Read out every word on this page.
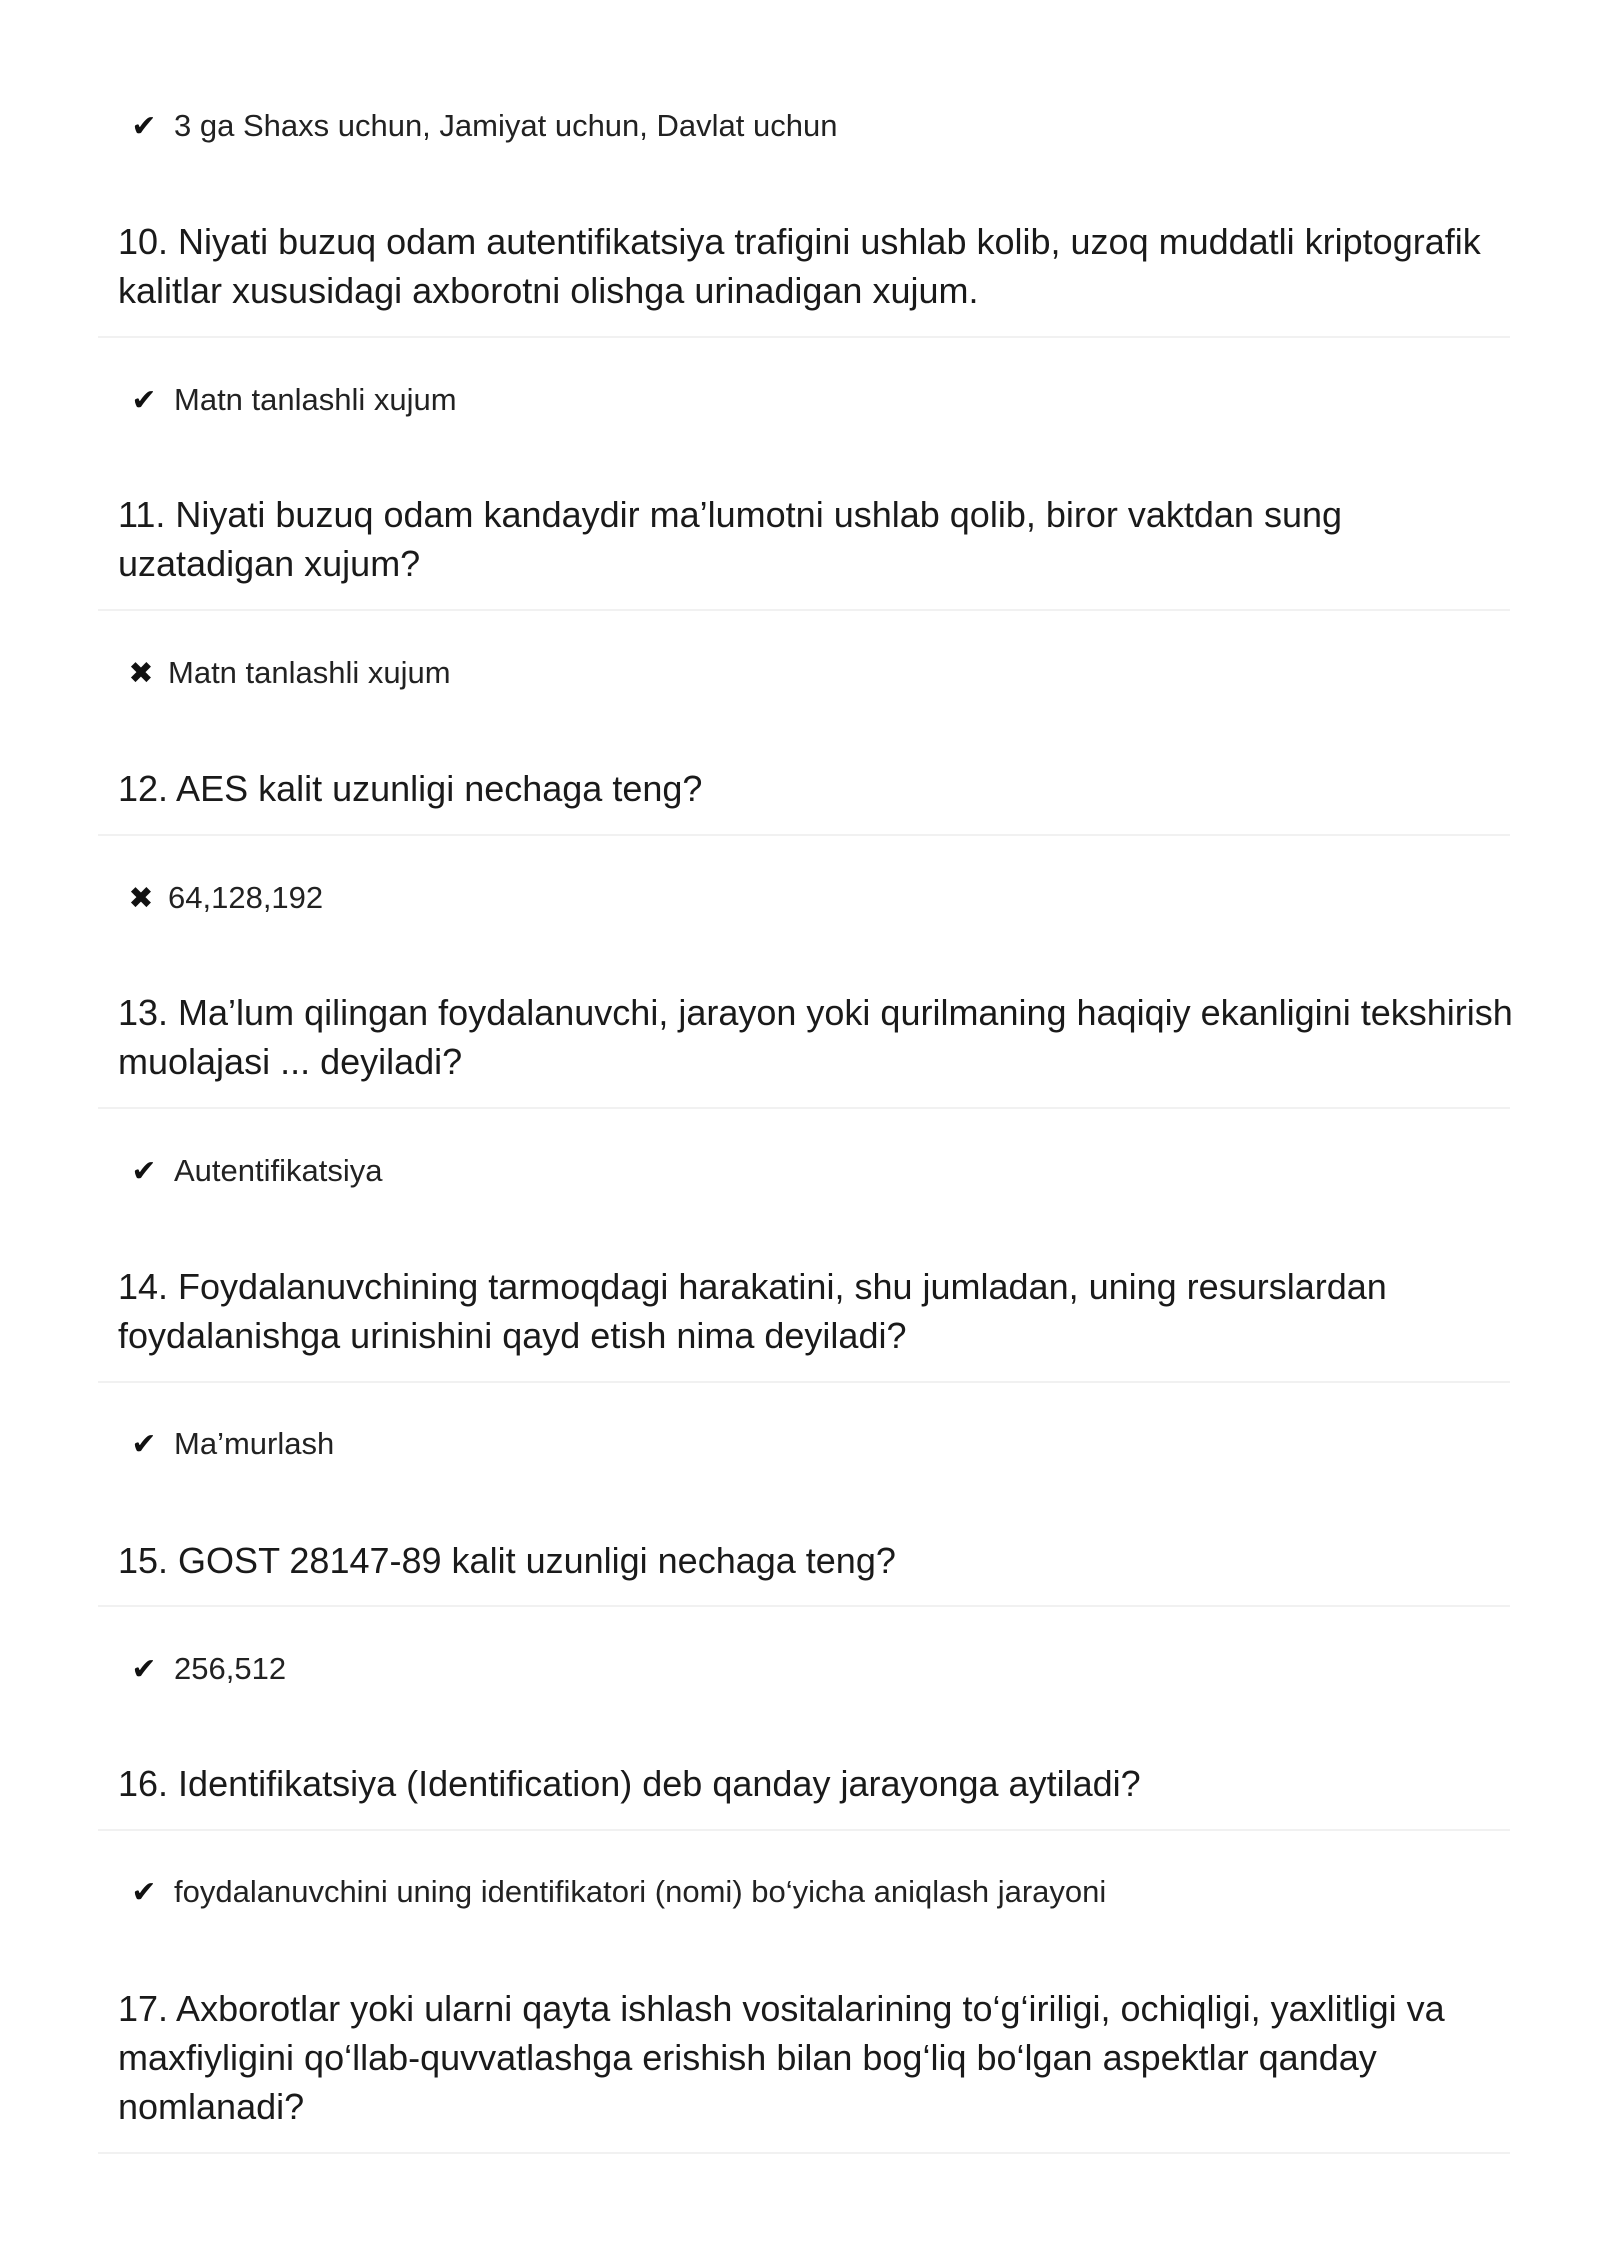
✔ 3 ga Shaxs uchun, Jamiyat uchun, Davlat uchun
10. Niyati buzuq odam autentifikatsiya trafigini ushlab kolib, uzoq muddatli kriptografik kalitlar xususidagi axborotni olishga urinadigan xujum.
✔ Matn tanlashli xujum
11. Niyati buzuq odam kandaydir ma’lumotni ushlab qolib, biror vaktdan sung uzatadigan xujum?
✖ Matn tanlashli xujum
12. AES kalit uzunligi nechaga teng?
✖ 64,128,192
13. Ma’lum qilingan foydalanuvchi, jarayon yoki qurilmaning haqiqiy ekanligini tekshirish muolajasi ... deyiladi?
✔ Autentifikatsiya
14. Foydalanuvchining tarmoqdagi harakatini, shu jumladan, uning resurslardan foydalanishga urinishini qayd etish nima deyiladi?
✔ Ma’murlash
15. GOST 28147-89 kalit uzunligi nechaga teng?
✔ 256,512
16. Identifikatsiya (Identification) deb qanday jarayonga aytiladi?
✔ foydalanuvchini uning identifikatori (nomi) bo‘yicha aniqlash jarayoni
17. Axborotlar yoki ularni qayta ishlash vositalarining to‘g‘iriligi, ochiqligi, yaxlitligi va maxfiyligini qo‘llab-quvvatlashga erishish bilan bog‘liq bo‘lgan aspektlar qanday nomlanadi?
